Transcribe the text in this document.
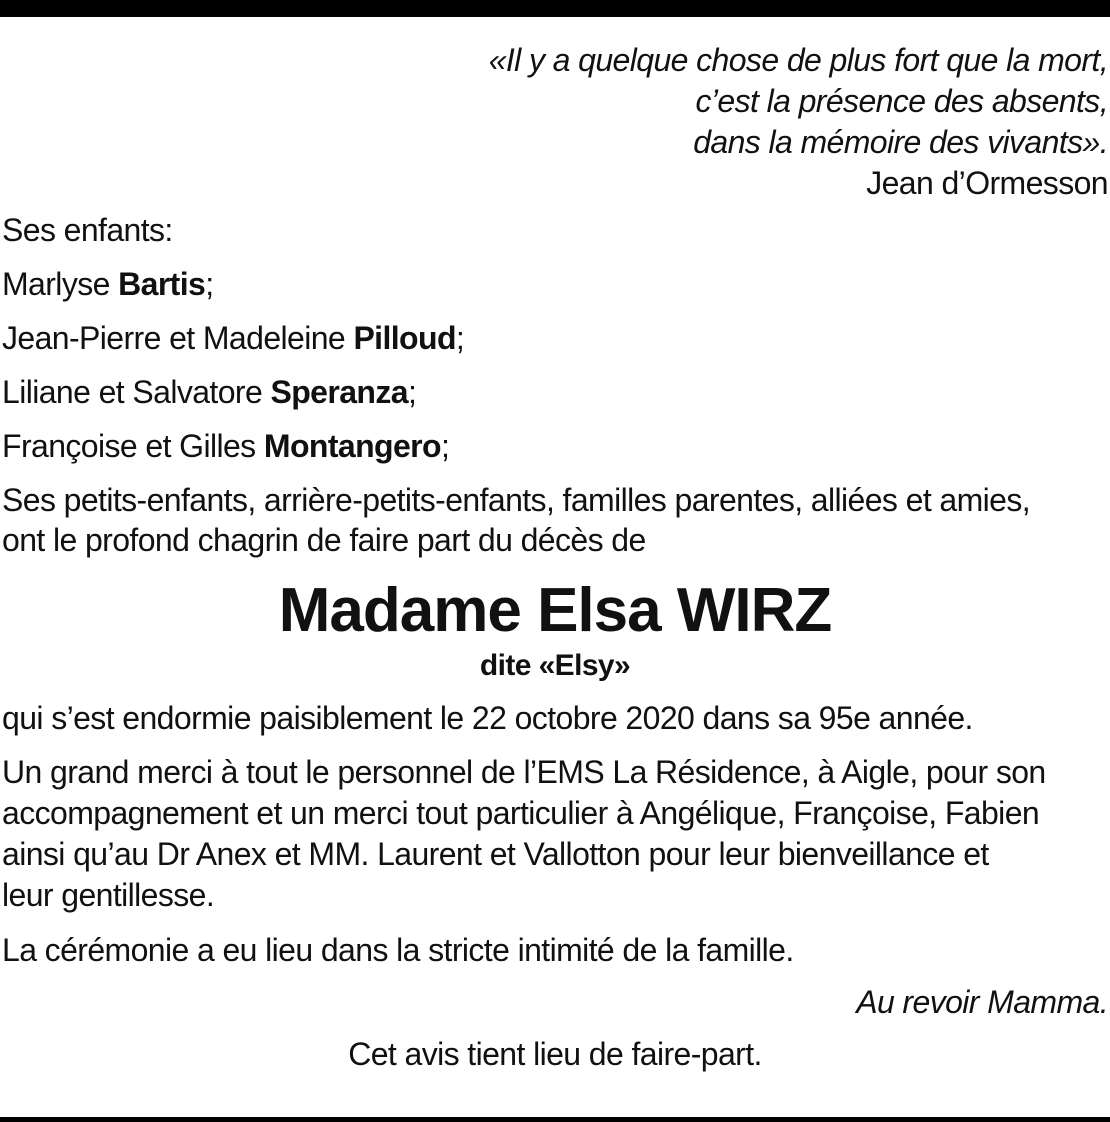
«Il y a quelque chose de plus fort que la mort,
c’est la présence des absents,
dans la mémoire des vivants».
Jean d’Ormesson
Ses enfants:
Marlyse Bartis;
Jean-Pierre et Madeleine Pilloud;
Liliane et Salvatore Speranza;
Françoise et Gilles Montangero;
Ses petits-enfants, arrière-petits-enfants, familles parentes, alliées et amies,
ont le profond chagrin de faire part du décès de
Madame Elsa WIRZ
dite «Elsy»
qui s’est endormie paisiblement le 22 octobre 2020 dans sa 95e année.
Un grand merci à tout le personnel de l’EMS La Résidence, à Aigle, pour son
accompagnement et un merci tout particulier à Angélique, Françoise, Fabien
ainsi qu’au Dr Anex et MM. Laurent et Vallotton pour leur bienveillance et
leur gentillesse.
La cérémonie a eu lieu dans la stricte intimité de la famille.
Au revoir Mamma.
Cet avis tient lieu de faire-part.
